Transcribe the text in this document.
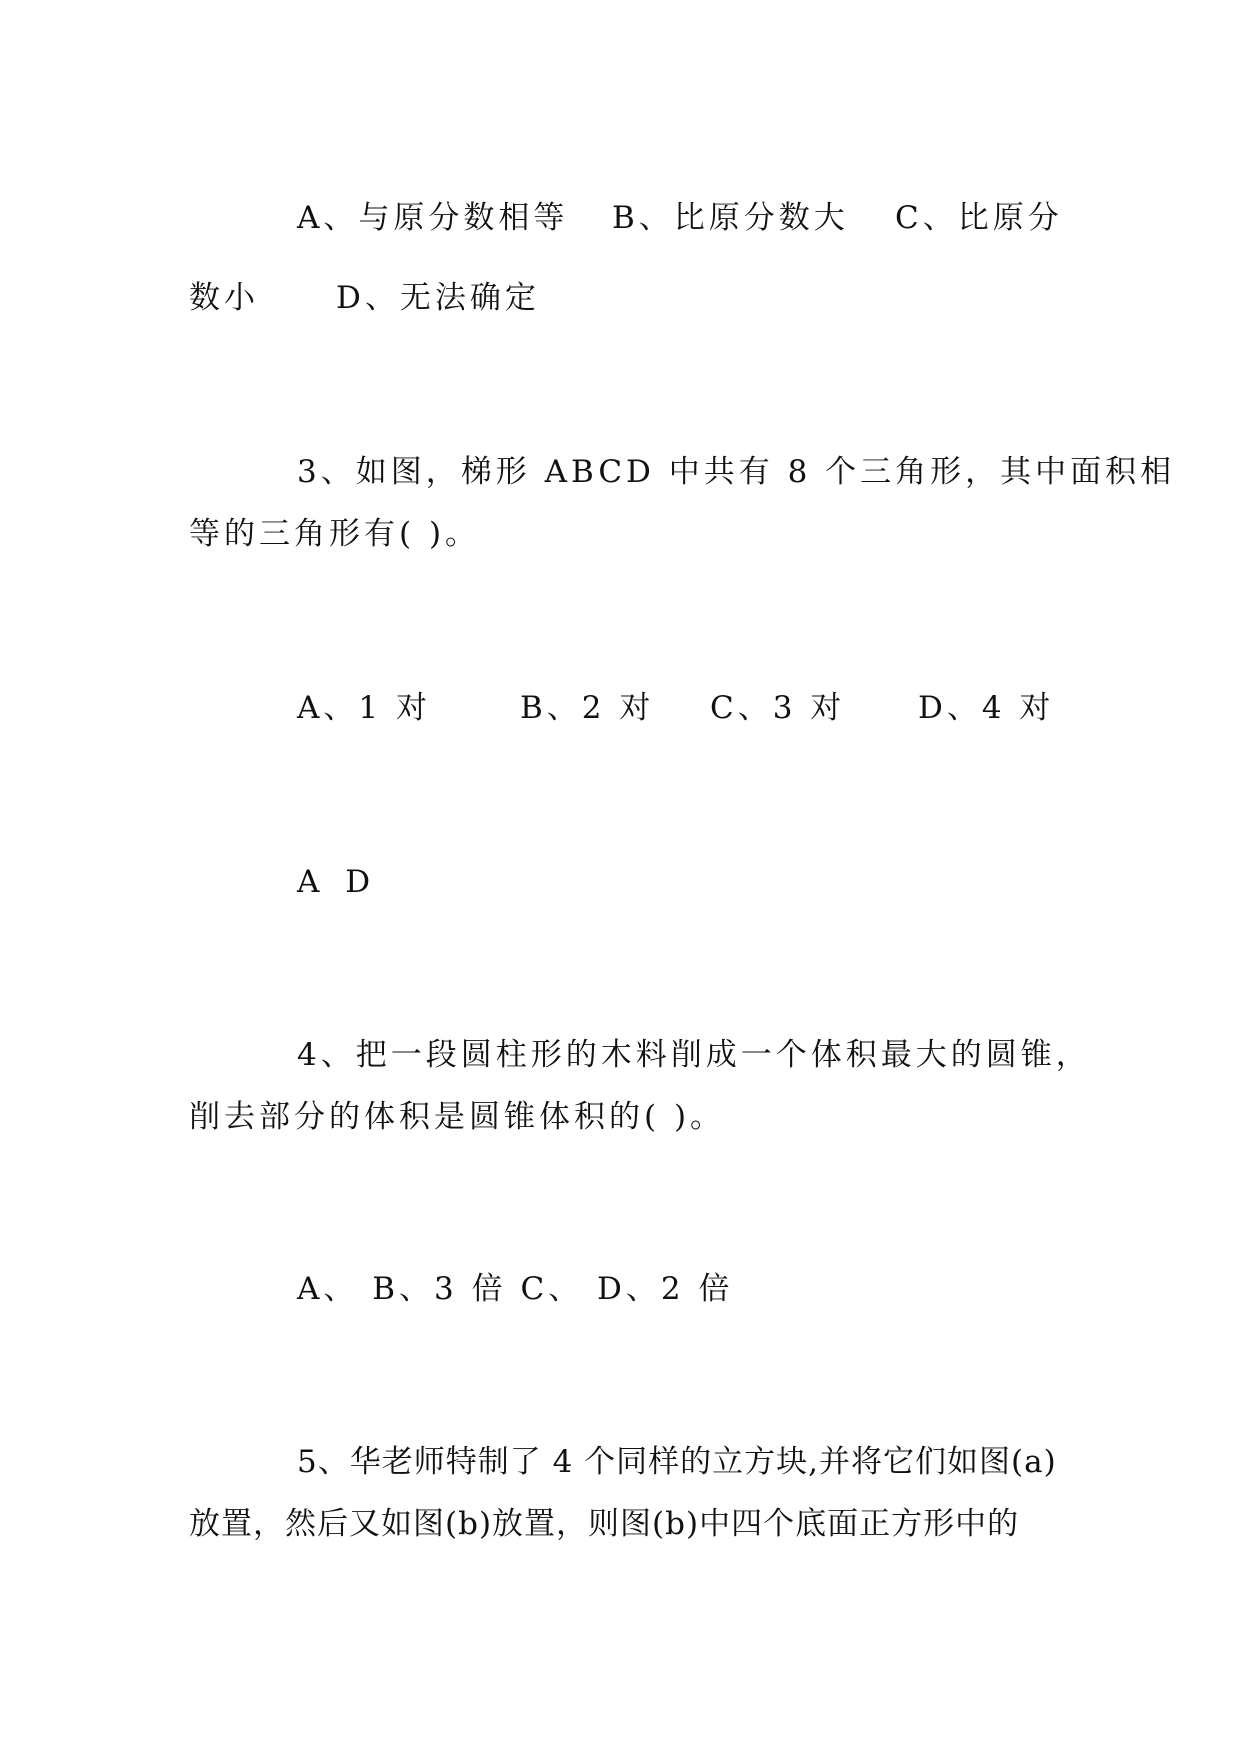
A、与原分数相等 B、比原分数大 C、比原分
数小 D、无法确定
3、如图，梯形 ABCD 中共有 8 个三角形，其中面积相
等的三角形有( )。
A、1 对	B、2 对 C、3 对 D、4 对
A D
4、把一段圆柱形的木料削成一个体积最大的圆锥，
削去部分的体积是圆锥体积的( )。
A、 B、3 倍 C、 D、2 倍
5、华老师特制了 4 个同样的立方块,并将它们如图(a)
放置，然后又如图(b)放置，则图(b)中四个底面正方形中的
